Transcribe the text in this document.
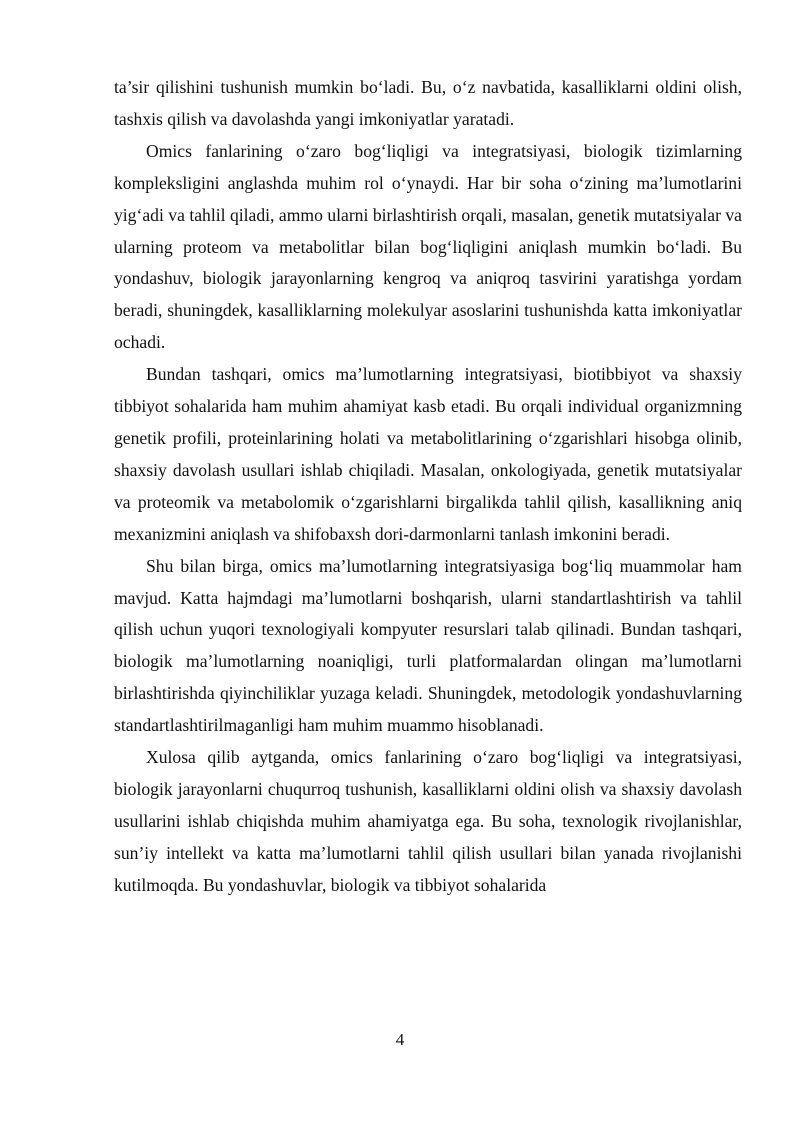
ta’sir qilishini tushunish mumkin bo‘ladi. Bu, o‘z navbatida, kasalliklarni oldini olish, tashxis qilish va davolashda yangi imkoniyatlar yaratadi.

Omics fanlarining o‘zaro bog‘liqligi va integratsiyasi, biologik tizimlarning kompleksligini anglashda muhim rol o‘ynaydi. Har bir soha o‘zining ma’lumotlarini yig‘adi va tahlil qiladi, ammo ularni birlashtirish orqali, masalan, genetik mutatsiyalar va ularning proteom va metabolitlar bilan bog‘liqligini aniqlash mumkin bo‘ladi. Bu yondashuv, biologik jarayonlarning kengroq va aniqroq tasvirini yaratishga yordam beradi, shuningdek, kasalliklarning molekulyar asoslarini tushunishda katta imkoniyatlar ochadi.

Bundan tashqari, omics ma’lumotlarning integratsiyasi, biotibbiyot va shaxsiy tibbiyot sohalarida ham muhim ahamiyat kasb etadi. Bu orqali individual organizmning genetik profili, proteinlarining holati va metabolitlarining o‘zgarishlari hisobga olinib, shaxsiy davolash usullari ishlab chiqiladi. Masalan, onkologiyada, genetik mutatsiyalar va proteomik va metabolomik o‘zgarishlarni birgalikda tahlil qilish, kasallikning aniq mexanizmini aniqlash va shifobaxsh dori-darmonlarni tanlash imkonini beradi.

Shu bilan birga, omics ma’lumotlarning integratsiyasiga bog‘liq muammolar ham mavjud. Katta hajmdagi ma’lumotlarni boshqarish, ularni standartlashtirish va tahlil qilish uchun yuqori texnologiyali kompyuter resurslari talab qilinadi. Bundan tashqari, biologik ma’lumotlarning noaniqligi, turli platformalardan olingan ma’lumotlarni birlashtirishda qiyinchiliklar yuzaga keladi. Shuningdek, metodologik yondashuvlarning standartlashtirilmaganligi ham muhim muammo hisoblanadi.

Xulosa qilib aytganda, omics fanlarining o‘zaro bog‘liqligi va integratsiyasi, biologik jarayonlarni chuqurroq tushunish, kasalliklarni oldini olish va shaxsiy davolash usullarini ishlab chiqishda muhim ahamiyatga ega. Bu soha, texnologik rivojlanishlar, sun’iy intellekt va katta ma’lumotlarni tahlil qilish usullari bilan yanada rivojlanishi kutilmoqda. Bu yondashuvlar, biologik va tibbiyot sohalarida

4
